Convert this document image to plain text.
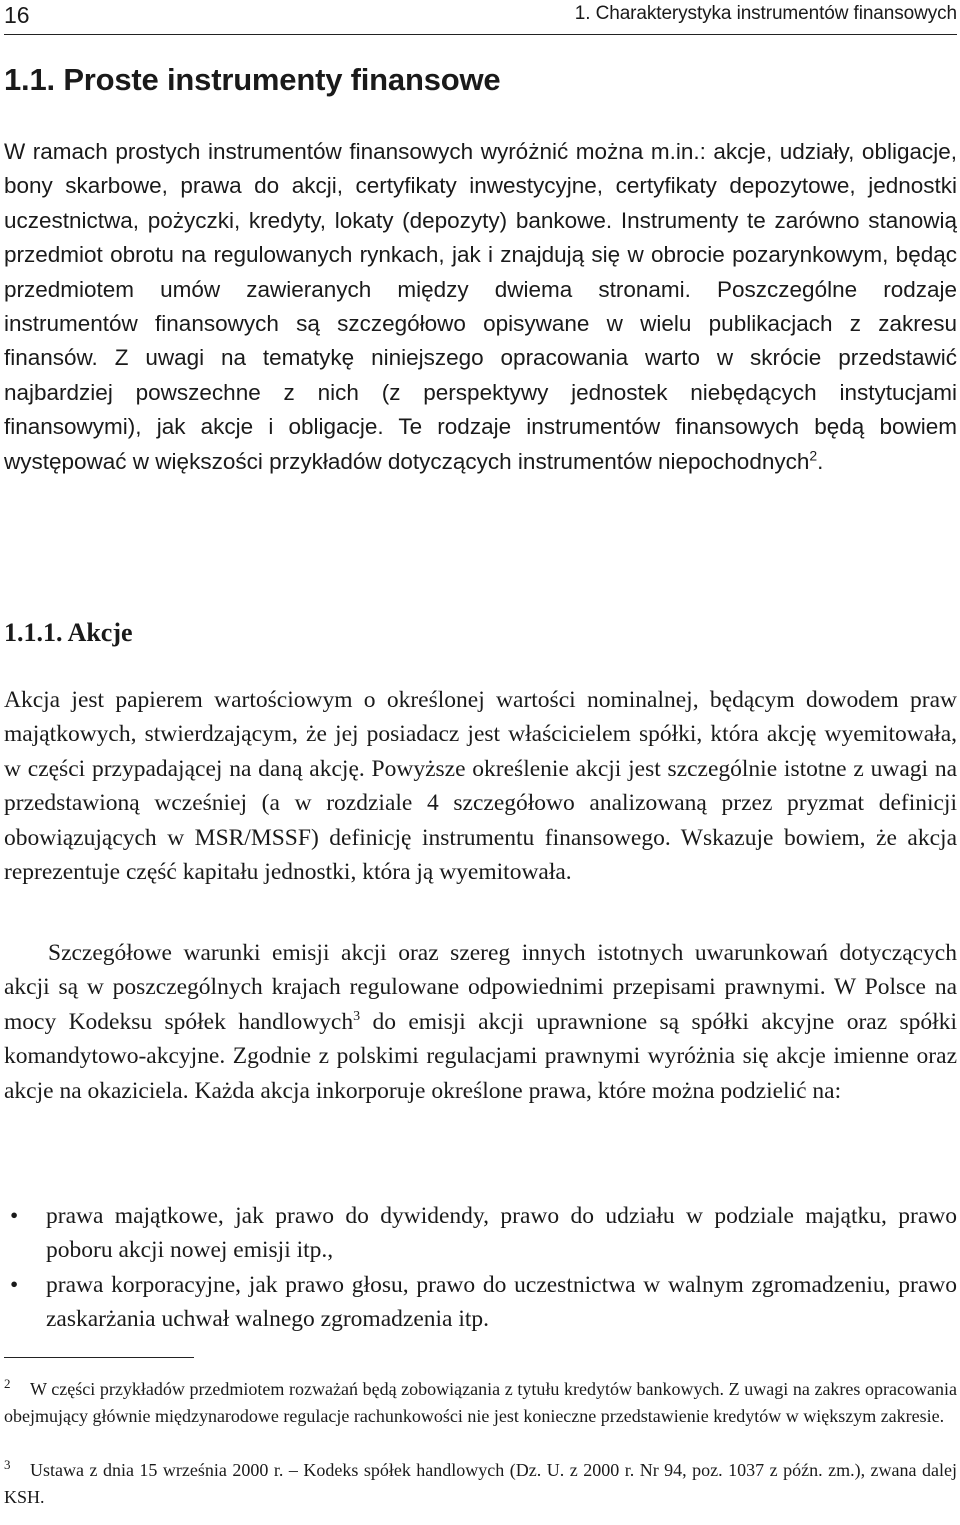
16	1. Charakterystyka instrumentów finansowych
1.1. Proste instrumenty finansowe

W ramach prostych instrumentów finansowych wyróżnić można m.in.: akcje, udziały, obligacje, bony skarbowe, prawa do akcji, certyfikaty inwestycyjne, certyfikaty depozytowe, jednostki uczestnictwa, pożyczki, kredyty, lokaty (depozyty) bankowe. Instrumenty te zarówno stanowią przedmiot obrotu na regulowanych rynkach, jak i znajdują się w obrocie pozarynkowym, będąc przedmiotem umów zawieranych między dwiema stronami. Poszczególne rodzaje instrumentów finansowych są szczegółowo opisywane w wielu publikacjach z zakresu finansów. Z uwagi na tematykę niniejszego opracowania warto w skrócie przedstawić najbardziej powszechne z nich (z perspektywy jednostek niebędących instytucjami finansowymi), jak akcje i obligacje. Te rodzaje instrumentów finansowych będą bowiem występować w większości przykładów dotyczących instrumentów niepochodnych$^2$.

1.1.1. Akcje

Akcja jest papierem wartościowym o określonej wartości nominalnej, będącym dowodem praw majątkowych, stwierdzającym, że jej posiadacz jest właścicielem spółki, która akcję wyemitowała, w części przypadającej na daną akcję. Powyższe określenie akcji jest szczególnie istotne z uwagi na przedstawioną wcześniej (a w rozdziale 4 szczegółowo analizowaną przez pryzmat definicji obowiązujących w MSR/MSSF) definicję instrumentu finansowego. Wskazuje bowiem, że akcja reprezentuje część kapitału jednostki, która ją wyemitowała.

Szczegółowe warunki emisji akcji oraz szereg innych istotnych uwarunkowań dotyczących akcji są w poszczególnych krajach regulowane odpowiednimi przepisami prawnymi. W Polsce na mocy Kodeksu spółek handlowych$^3$ do emisji akcji uprawnione są spółki akcyjne oraz spółki komandytowo-akcyjne. Zgodnie z polskimi regulacjami prawnymi wyróżnia się akcje imienne oraz akcje na okaziciela. Każda akcja inkorporuje określone prawa, które można podzielić na:

• prawa majątkowe, jak prawo do dywidendy, prawo do udziału w podziale majątku, prawo poboru akcji nowej emisji itp.,
• prawa korporacyjne, jak prawo głosu, prawo do uczestnictwa w walnym zgromadzeniu, prawo zaskarżania uchwał walnego zgromadzenia itp.

2 W części przykładów przedmiotem rozważań będą zobowiązania z tytułu kredytów bankowych. Z uwagi na zakres opracowania obejmujący głównie międzynarodowe regulacje rachunkowości nie jest konieczne przedstawienie kredytów w większym zakresie.

3 Ustawa z dnia 15 września 2000 r. – Kodeks spółek handlowych (Dz. U. z 2000 r. Nr 94, poz. 1037 z późn. zm.), zwana dalej KSH.
